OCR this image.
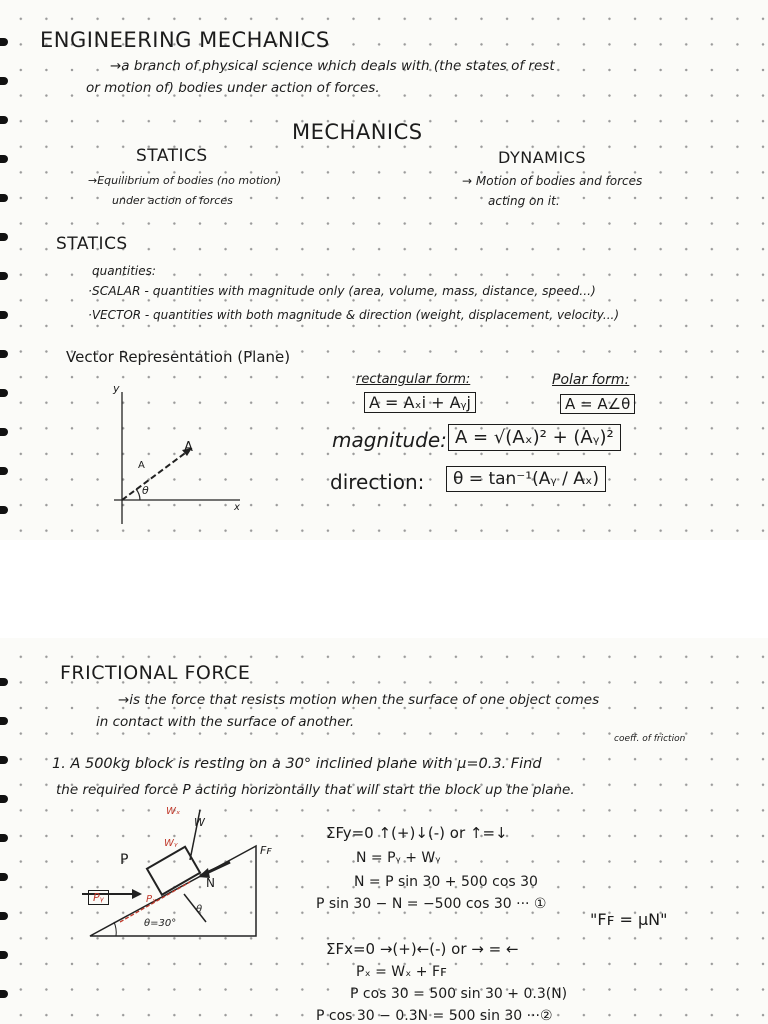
ENGINEERING MECHANICS
→a branch of physical science which deals with (the states of rest
or motion of) bodies under action of forces.
MECHANICS
STATICS
→Equilibrium of bodies (no motion)
under action of forces
DYNAMICS
→ Motion of bodies and forces
acting on it.
STATICS
quantities:
·SCALAR - quantities with magnitude only (area, volume, mass, distance, speed...)
·VECTOR - quantities with both magnitude & direction (weight, displacement, velocity...)
Vector Representation (Plane)
rectangular form:
A = Aₓi + Aᵧj
Polar form:
A = A∠θ
magnitude: A = √(Aₓ)² + (Aᵧ)²
direction:	θ = tan⁻¹(Aᵧ / Aₓ)
y
x
A
A
θ
FRICTIONAL FORCE
→is the force that resists motion when the surface of one object comes
in contact with the surface of another.
coeff. of friction
1. A 500kg block is resting on a 30° inclined plane with μ=0.3. Find
the required force P acting horizontally that will start the block up the plane.
Wₓ
W
Wᵧ
P
Pᵧ	Pₓ
N
Fꜰ
θ
θ=30°
ΣFy=0 ↑(+)↓(-) or ↑=↓
N = Pᵧ + Wᵧ
N = P sin 30 + 500 cos 30
P sin 30 − N = −500 cos 30 ··· ①
"Fꜰ = μN"
ΣFx=0 →(+)←(-) or → = ←
Pₓ = Wₓ + Fꜰ
P cos 30 = 500 sin 30 + 0.3(N)
P cos 30 − 0.3N = 500 sin 30 ···②
